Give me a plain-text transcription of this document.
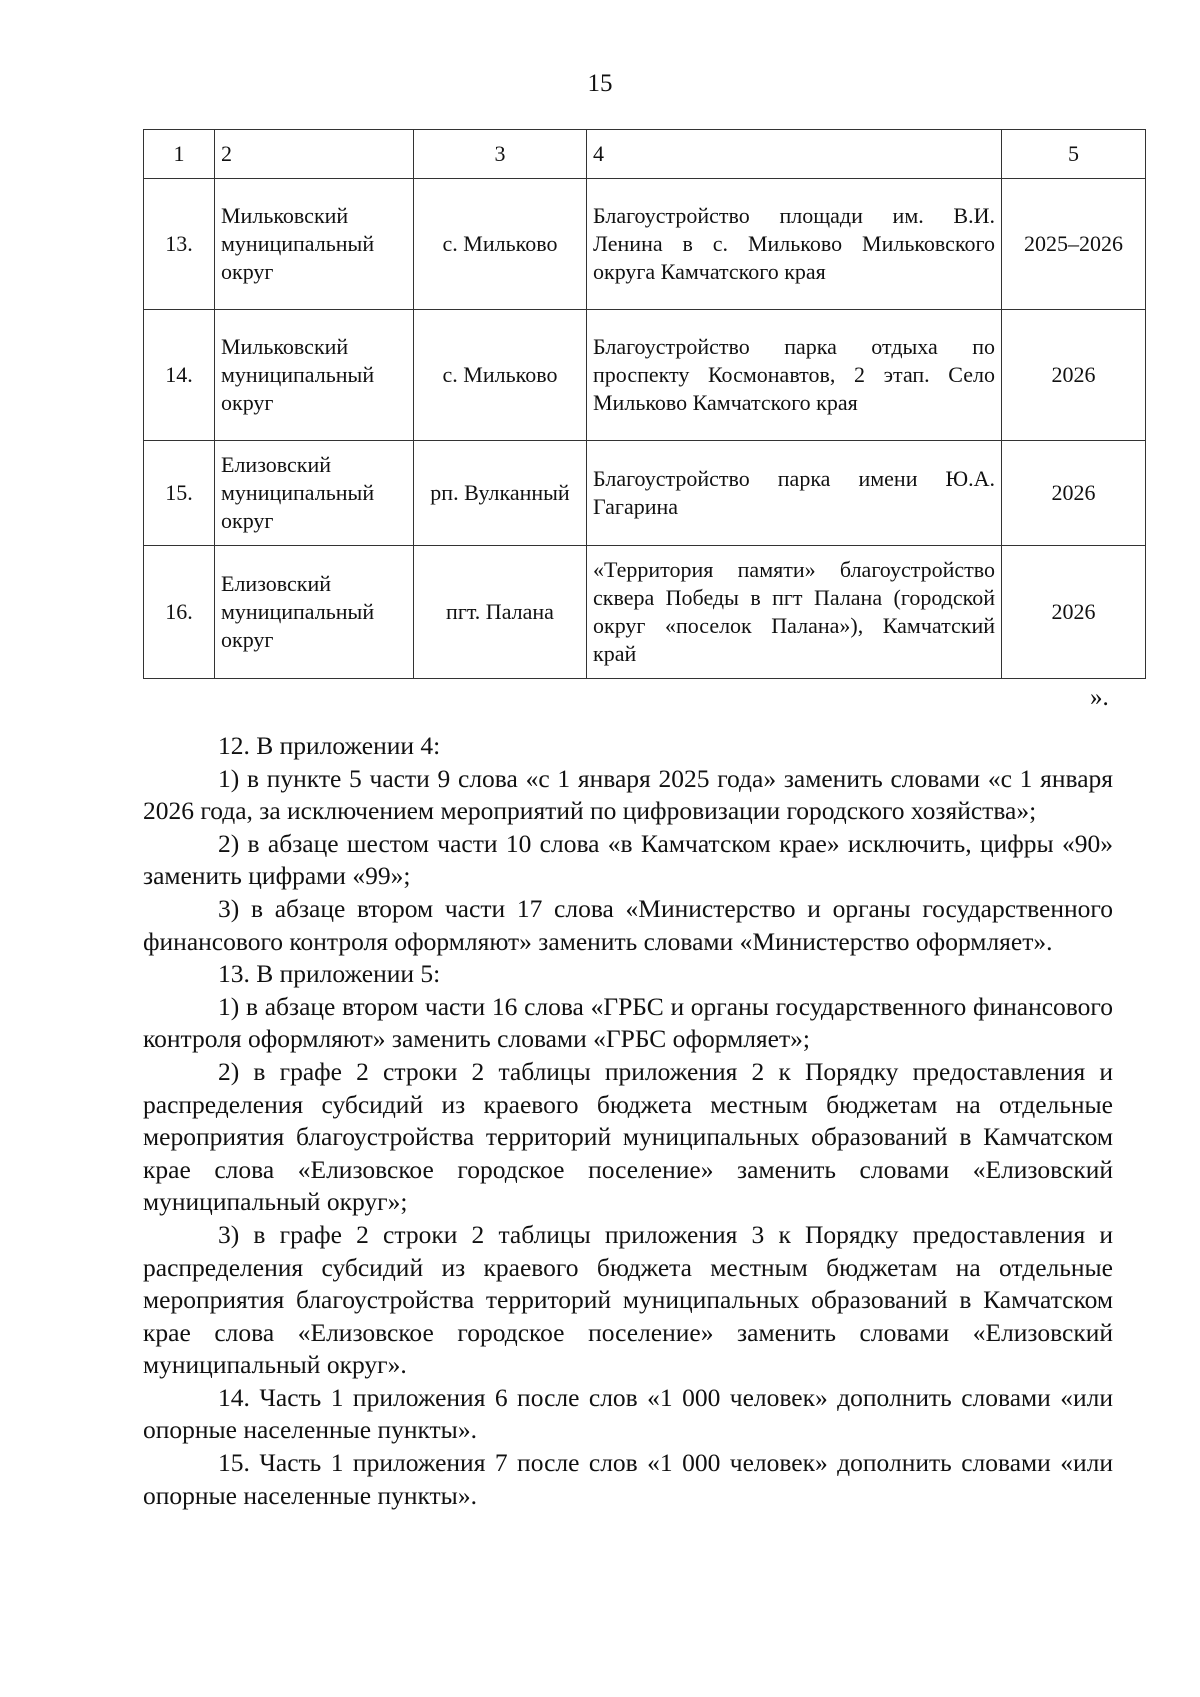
15
1	2	3	4	5
13.	Мильковский муниципальный округ	с. Мильково	Благоустройство площади им. В.И. Ленина в с. Мильково Мильковского округа Камчатского края	2025–2026
14.	Мильковский муниципальный округ	с. Мильково	Благоустройство парка отдыха по проспекту Космонавтов, 2 этап. Село Мильково Камчатского края	2026
15.	Елизовский муниципальный округ	рп. Вулканный	Благоустройство парка имени Ю.А. Гагарина	2026
16.	Елизовский муниципальный округ	пгт. Палана	«Территория памяти» благоустройство сквера Победы в пгт Палана (городской округ «поселок Палана»), Камчатский край	2026
».

12. В приложении 4:

1) в пункте 5 части 9 слова «с 1 января 2025 года» заменить словами «с 1 января 2026 года, за исключением мероприятий по цифровизации городского хозяйства»;

2) в абзаце шестом части 10 слова «в Камчатском крае» исключить, цифры «90» заменить цифрами «99»;

3) в абзаце втором части 17 слова «Министерство и органы государственного финансового контроля оформляют» заменить словами «Министерство оформляет».

13. В приложении 5:

1) в абзаце втором части 16 слова «ГРБС и органы государственного финансового контроля оформляют» заменить словами «ГРБС оформляет»;

2) в графе 2 строки 2 таблицы приложения 2 к Порядку предоставления и распределения субсидий из краевого бюджета местным бюджетам на отдельные мероприятия благоустройства территорий муниципальных образований в Камчатском крае слова «Елизовское городское поселение» заменить словами «Елизовский муниципальный округ»;

3) в графе 2 строки 2 таблицы приложения 3 к Порядку предоставления и распределения субсидий из краевого бюджета местным бюджетам на отдельные мероприятия благоустройства территорий муниципальных образований в Камчатском крае слова «Елизовское городское поселение» заменить словами «Елизовский муниципальный округ».

14. Часть 1 приложения 6 после слов «1 000 человек» дополнить словами «или опорные населенные пункты».

15. Часть 1 приложения 7 после слов «1 000 человек» дополнить словами «или опорные населенные пункты».
